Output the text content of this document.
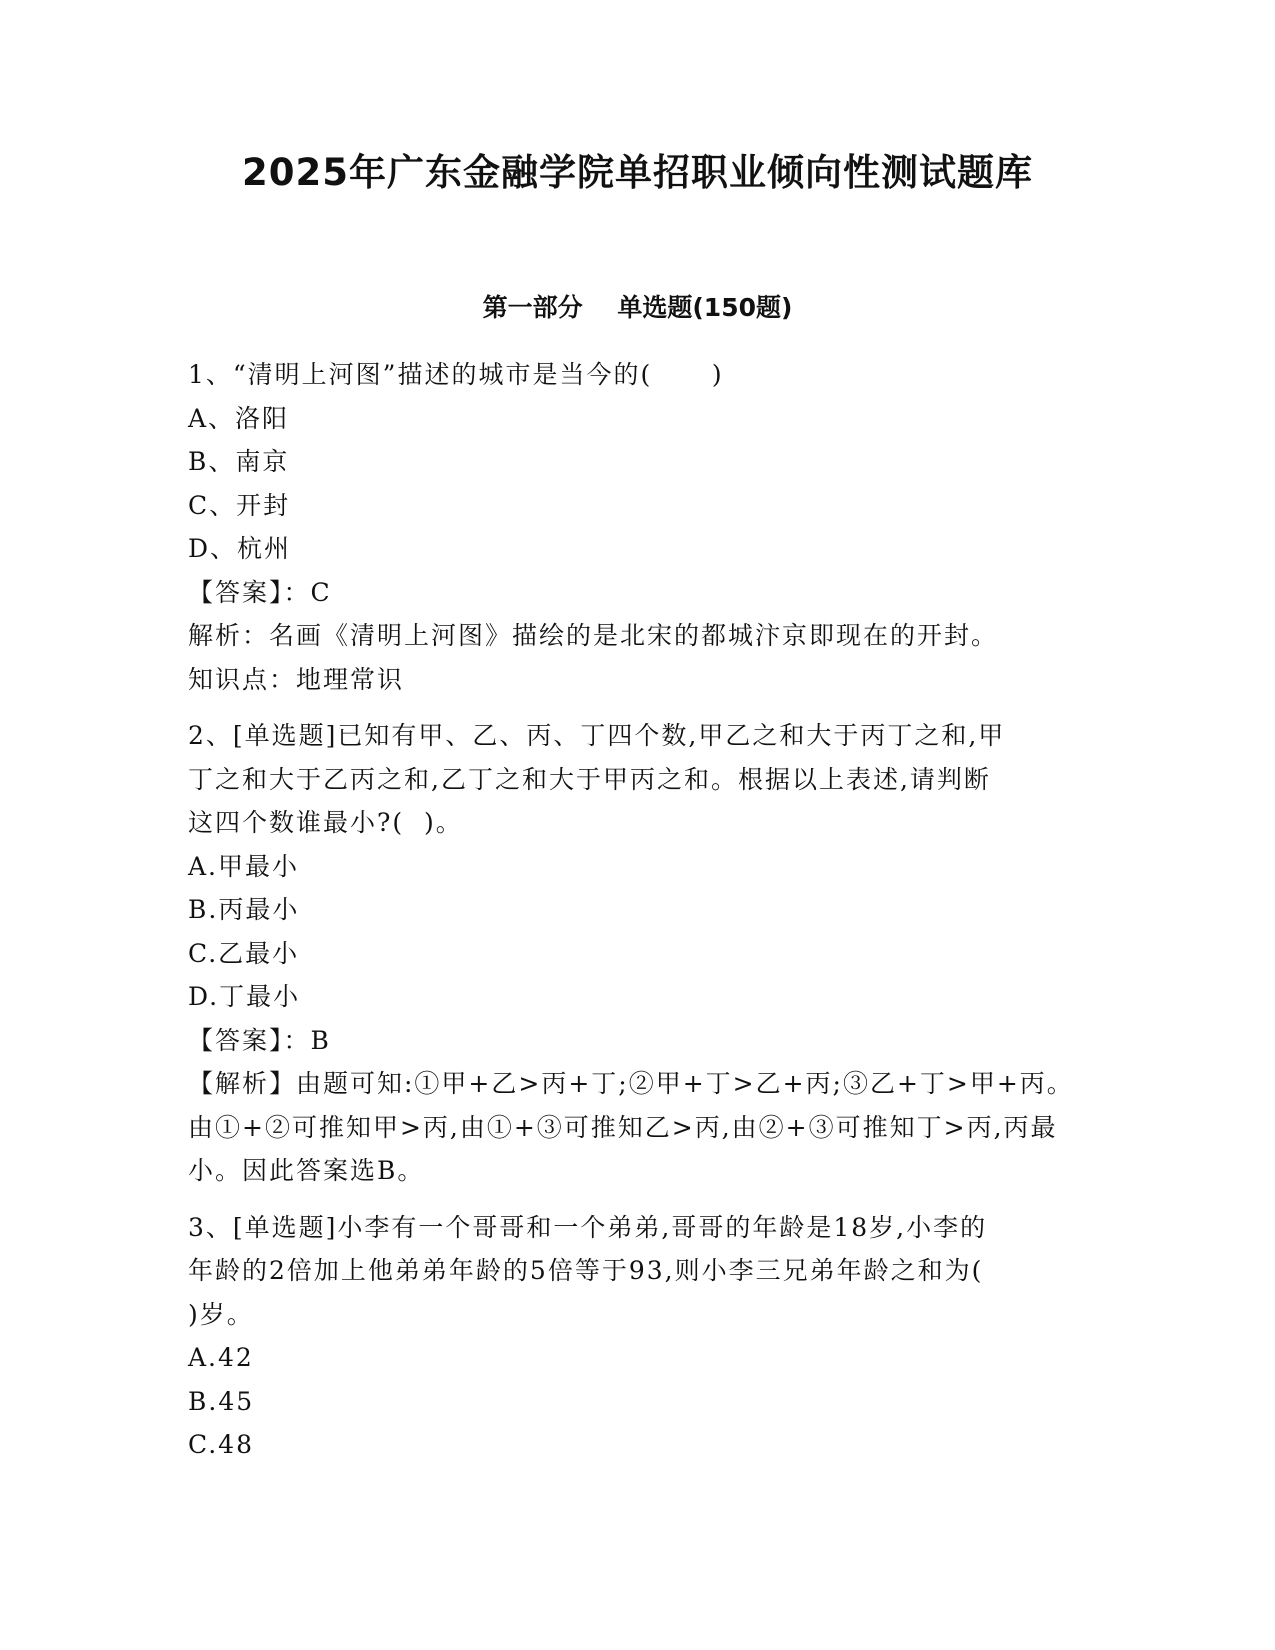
2025年广东金融学院单招职业倾向性测试题库
第一部分    单选题(150题)
1、“清明上河图”描述的城市是当今的(      )
A、洛阳
B、南京
C、开封
D、杭州
【答案】：C
解析：名画《清明上河图》描绘的是北宋的都城汴京即现在的开封。
知识点：地理常识
2、[单选题]已知有甲、乙、丙、丁四个数,甲乙之和大于丙丁之和,甲
丁之和大于乙丙之和,乙丁之和大于甲丙之和。根据以上表述,请判断
这四个数谁最小?(  )。
A.甲最小
B.丙最小
C.乙最小
D.丁最小
【答案】：B
【解析】由题可知:①甲+乙>丙+丁;②甲+丁>乙+丙;③乙+丁>甲+丙。
由①+②可推知甲>丙,由①+③可推知乙>丙,由②+③可推知丁>丙,丙最
小。因此答案选B。
3、[单选题]小李有一个哥哥和一个弟弟,哥哥的年龄是18岁,小李的
年龄的2倍加上他弟弟年龄的5倍等于93,则小李三兄弟年龄之和为(
)岁。
A.42
B.45
C.48
